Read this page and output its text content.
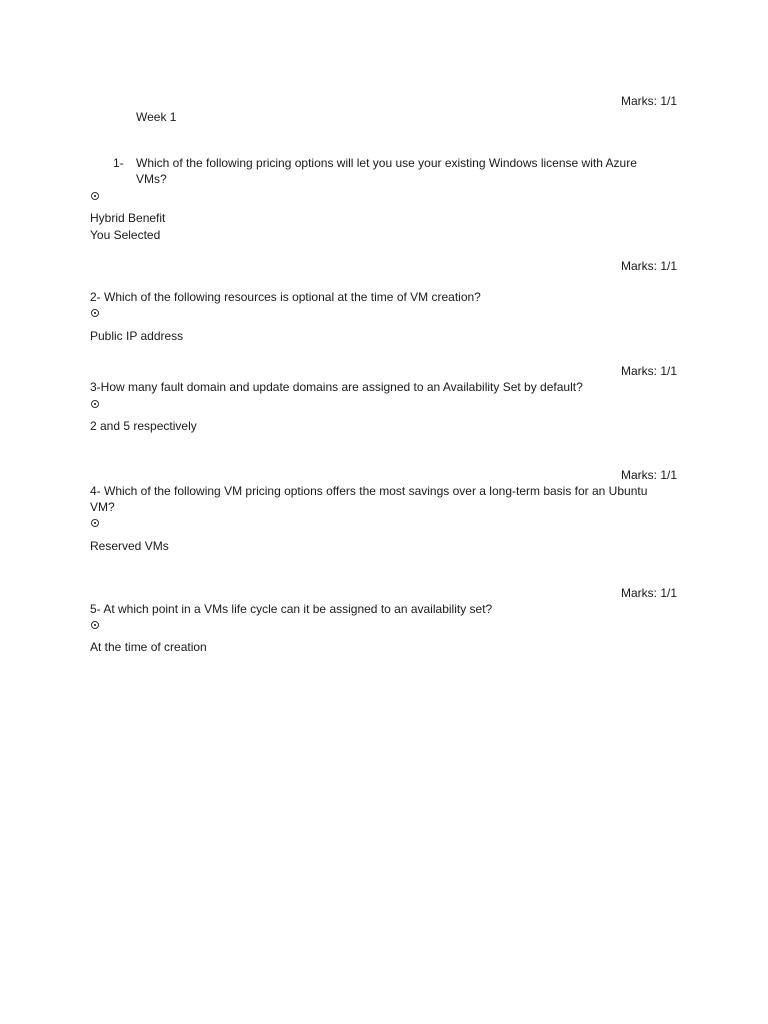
Marks: 1/1
Week 1
1- Which of the following pricing options will let you use your existing Windows license with Azure VMs?
Hybrid Benefit
You Selected
Marks: 1/1
2- Which of the following resources is optional at the time of VM creation?
Public IP address
Marks: 1/1
3-How many fault domain and update domains are assigned to an Availability Set by default?
2 and 5 respectively
Marks: 1/1
4- Which of the following VM pricing options offers the most savings over a long-term basis for an Ubuntu VM?
Reserved VMs
Marks: 1/1
5- At which point in a VMs life cycle can it be assigned to an availability set?
At the time of creation
